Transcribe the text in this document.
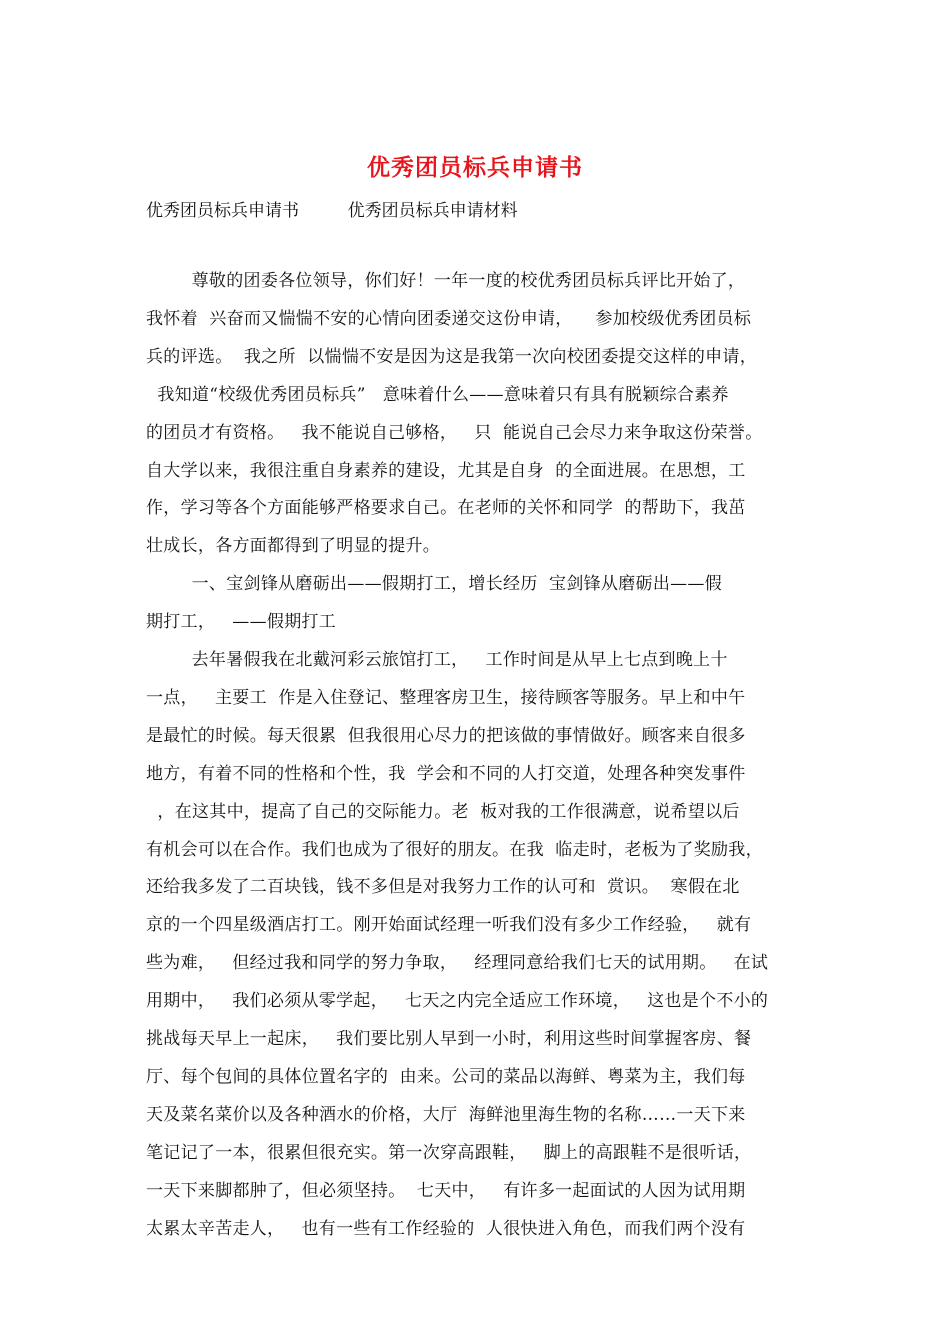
优秀团员标兵申请书
优秀团员标兵申请书         优秀团员标兵申请材料
尊敬的团委各位领导，你们好！一年一度的校优秀团员标兵评比开始了，
我怀着  兴奋而又惴惴不安的心情向团委递交这份申请，    参加校级优秀团员标
兵的评选。  我之所  以惴惴不安是因为这是我第一次向校团委提交这样的申请，
我知道“校级优秀团员标兵”   意味着什么——意味着只有具有脱颖综合素养
的团员才有资格。   我不能说自己够格，   只  能说自己会尽力来争取这份荣誉。
自大学以来，我很注重自身素养的建设，尤其是自身  的全面进展。在思想，工
作，学习等各个方面能够严格要求自己。在老师的关怀和同学  的帮助下，我茁
壮成长，各方面都得到了明显的提升。
一、宝剑锋从磨砺出——假期打工，增长经历  宝剑锋从磨砺出——假
期打工，   ——假期打工
去年暑假我在北戴河彩云旅馆打工，   工作时间是从早上七点到晚上十
一点，   主要工  作是入住登记、整理客房卫生，接待顾客等服务。早上和中午
是最忙的时候。每天很累  但我很用心尽力的把该做的事情做好。顾客来自很多
地方，有着不同的性格和个性，我  学会和不同的人打交道，处理各种突发事件
，在这其中，提高了自己的交际能力。老  板对我的工作很满意，说希望以后
有机会可以在合作。我们也成为了很好的朋友。在我  临走时，老板为了奖励我，
还给我多发了二百块钱，钱不多但是对我努力工作的认可和  赏识。  寒假在北
京的一个四星级酒店打工。刚开始面试经理一听我们没有多少工作经验，   就有
些为难，   但经过我和同学的努力争取，   经理同意给我们七天的试用期。   在试
用期中，   我们必须从零学起，   七天之内完全适应工作环境，   这也是个不小的
挑战每天早上一起床，   我们要比别人早到一小时，利用这些时间掌握客房、餐
厅、每个包间的具体位置名字的  由来。公司的菜品以海鲜、粤菜为主，我们每
天及菜名菜价以及各种酒水的价格，大厅  海鲜池里海生物的名称……一天下来
笔记记了一本，很累但很充实。第一次穿高跟鞋，   脚上的高跟鞋不是很听话，
一天下来脚都肿了，但必须坚持。  七天中，   有许多一起面试的人因为试用期
太累太辛苦走人，   也有一些有工作经验的  人很快进入角色，而我们两个没有
